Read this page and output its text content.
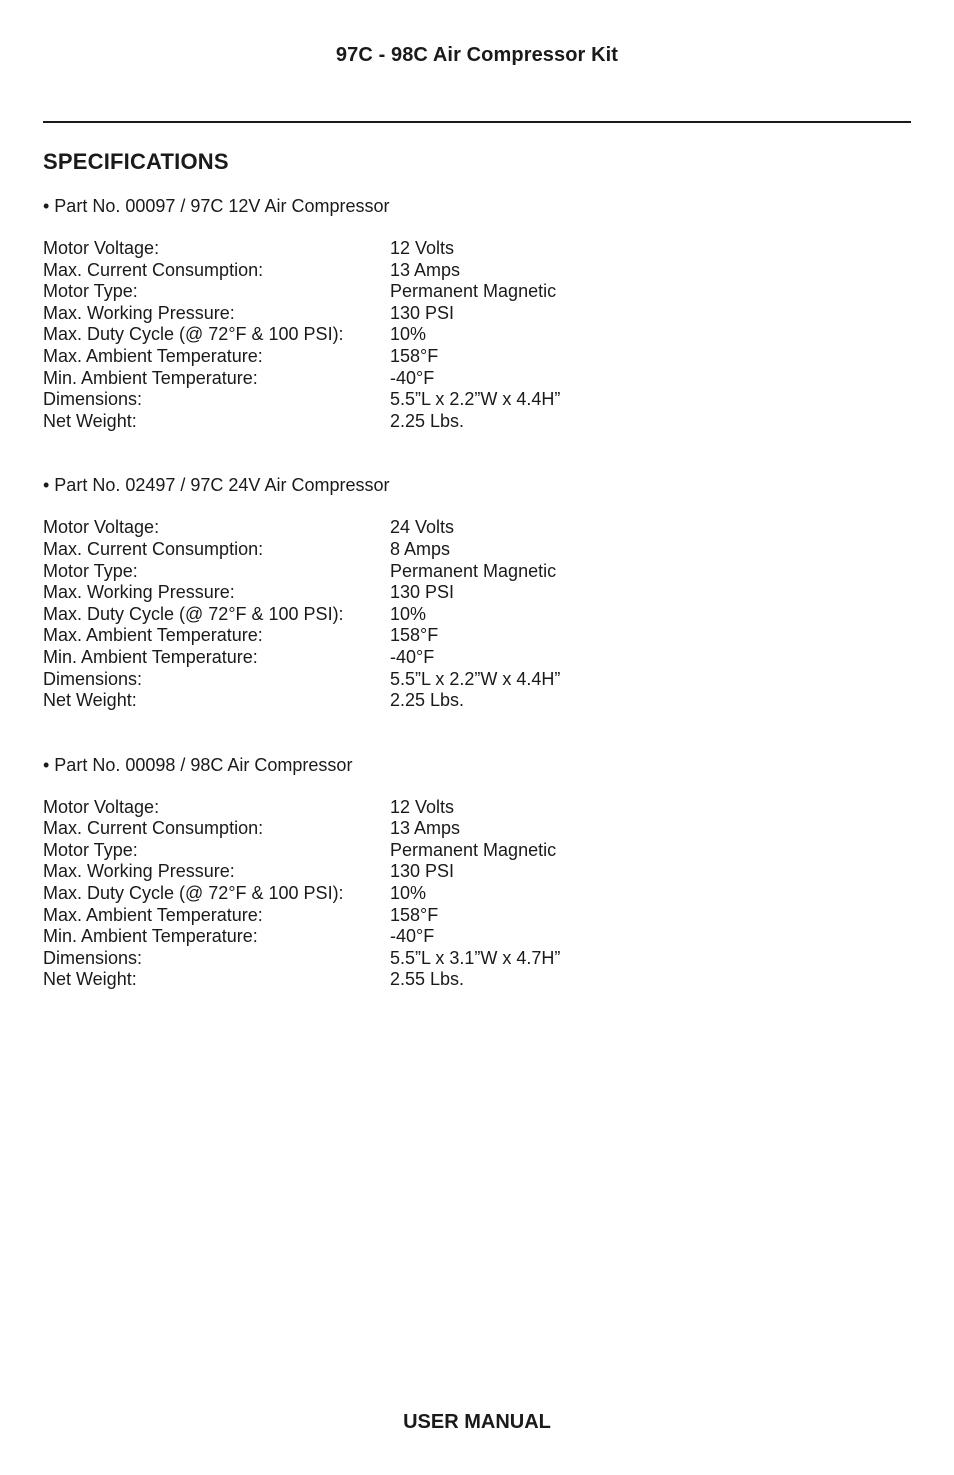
97C - 98C Air Compressor Kit
SPECIFICATIONS
• Part No. 00097 / 97C 12V Air Compressor
Motor Voltage:	12 Volts
Max. Current Consumption:	13 Amps
Motor Type:	Permanent Magnetic
Max. Working Pressure:	130 PSI
Max. Duty Cycle (@ 72°F & 100 PSI):	10%
Max. Ambient Temperature:	158°F
Min. Ambient Temperature:	-40°F
Dimensions:	5.5”L x 2.2”W x 4.4H”
Net Weight:	2.25 Lbs.
• Part No. 02497 / 97C 24V Air Compressor
Motor Voltage:	24 Volts
Max. Current Consumption:	8 Amps
Motor Type:	Permanent Magnetic
Max. Working Pressure:	130 PSI
Max. Duty Cycle (@ 72°F & 100 PSI):	10%
Max. Ambient Temperature:	158°F
Min. Ambient Temperature:	-40°F
Dimensions:	5.5”L x 2.2”W x 4.4H”
Net Weight:	2.25 Lbs.
• Part No. 00098 / 98C Air Compressor
Motor Voltage:	12 Volts
Max. Current Consumption:	13 Amps
Motor Type:	Permanent Magnetic
Max. Working Pressure:	130 PSI
Max. Duty Cycle (@ 72°F & 100 PSI):	10%
Max. Ambient Temperature:	158°F
Min. Ambient Temperature:	-40°F
Dimensions:	5.5”L x 3.1”W x 4.7H”
Net Weight:	2.55 Lbs.
USER MANUAL
